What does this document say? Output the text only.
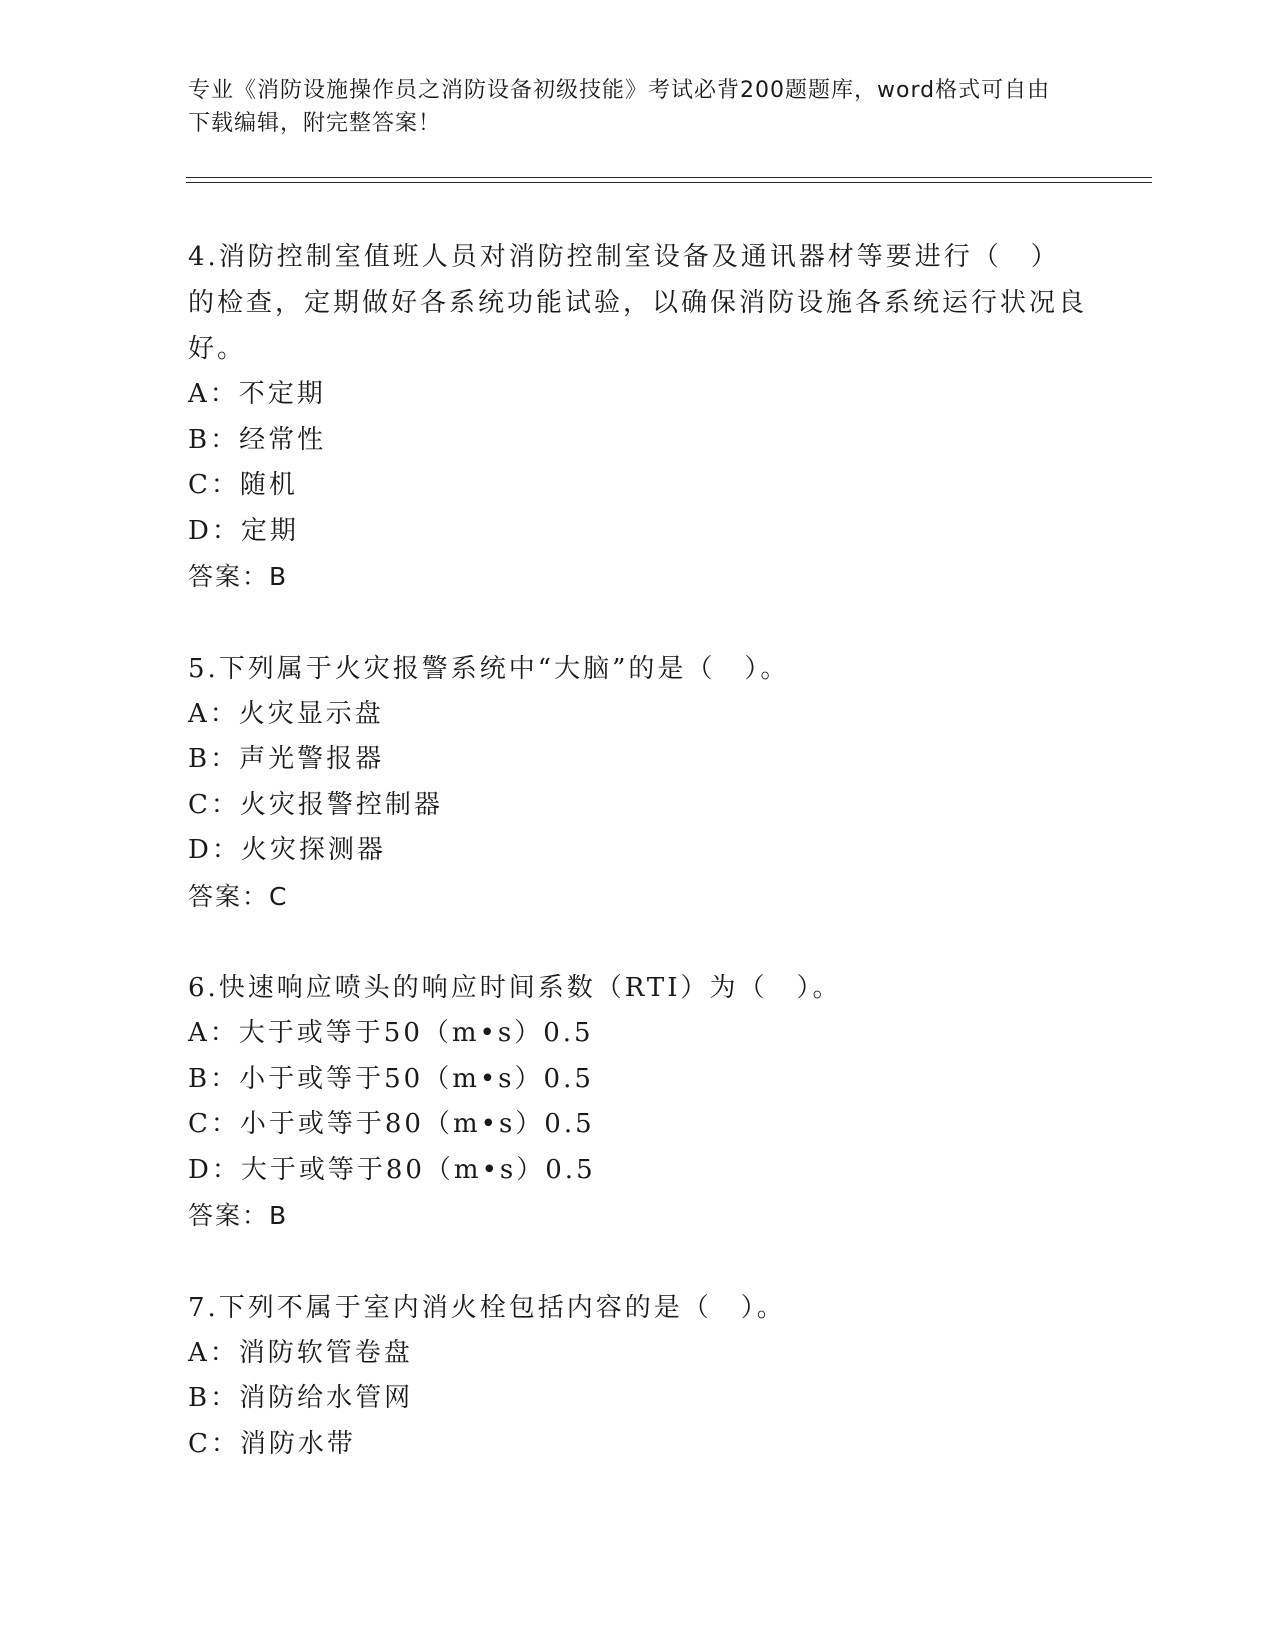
专业《消防设施操作员之消防设备初级技能》考试必背200题题库，word格式可自由下载编辑，附完整答案！
4.消防控制室值班人员对消防控制室设备及通讯器材等要进行（　）的检查，定期做好各系统功能试验，以确保消防设施各系统运行状况良好。
A：不定期
B：经常性
C：随机
D：定期
答案：B
5.下列属于火灾报警系统中“大脑”的是（　）。
A：火灾显示盘
B：声光警报器
C：火灾报警控制器
D：火灾探测器
答案：C
6.快速响应喷头的响应时间系数（RTI）为（　）。
A：大于或等于50（m•s）0.5
B：小于或等于50（m•s）0.5
C：小于或等于80（m•s）0.5
D：大于或等于80（m•s）0.5
答案：B
7.下列不属于室内消火栓包括内容的是（　）。
A：消防软管卷盘
B：消防给水管网
C：消防水带
